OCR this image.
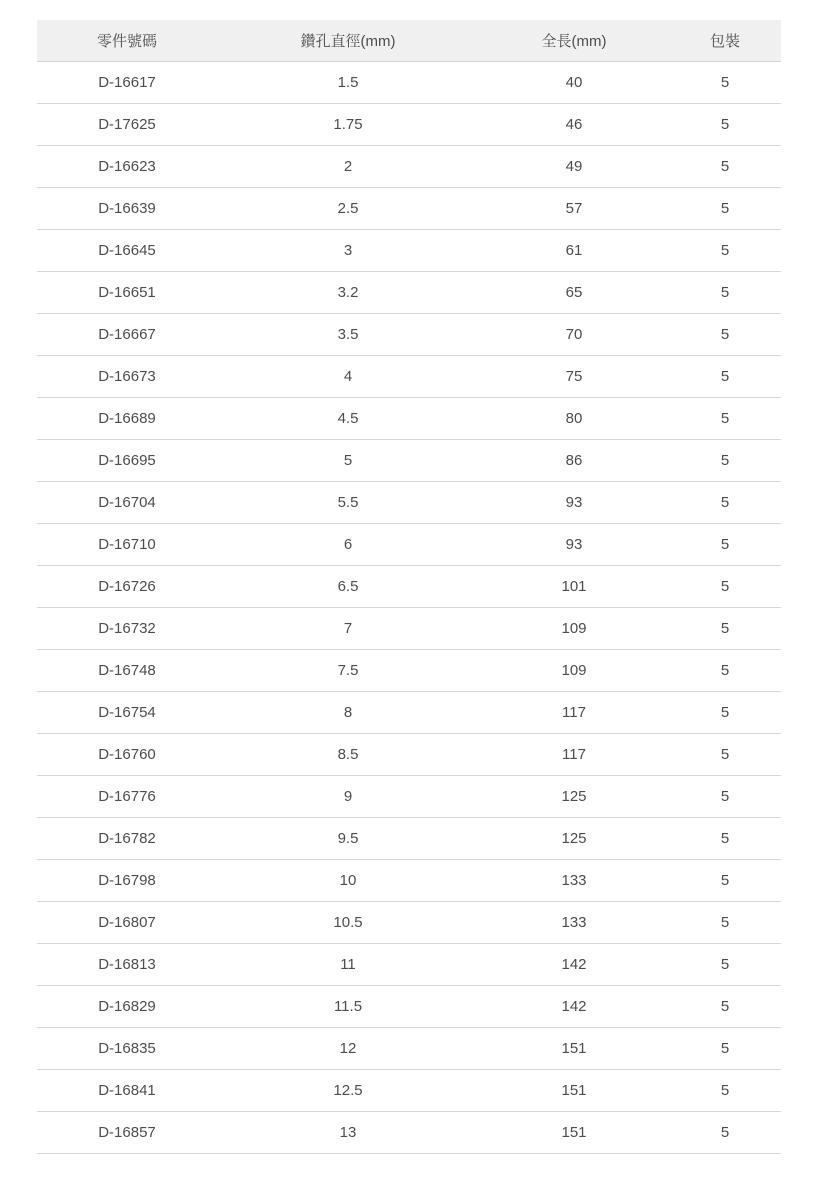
零件號碼	鑽孔直徑(mm)	全長(mm)	包裝
D-16617	1.5	40	5
D-17625	1.75	46	5
D-16623	2	49	5
D-16639	2.5	57	5
D-16645	3	61	5
D-16651	3.2	65	5
D-16667	3.5	70	5
D-16673	4	75	5
D-16689	4.5	80	5
D-16695	5	86	5
D-16704	5.5	93	5
D-16710	6	93	5
D-16726	6.5	101	5
D-16732	7	109	5
D-16748	7.5	109	5
D-16754	8	117	5
D-16760	8.5	117	5
D-16776	9	125	5
D-16782	9.5	125	5
D-16798	10	133	5
D-16807	10.5	133	5
D-16813	11	142	5
D-16829	11.5	142	5
D-16835	12	151	5
D-16841	12.5	151	5
D-16857	13	151	5
